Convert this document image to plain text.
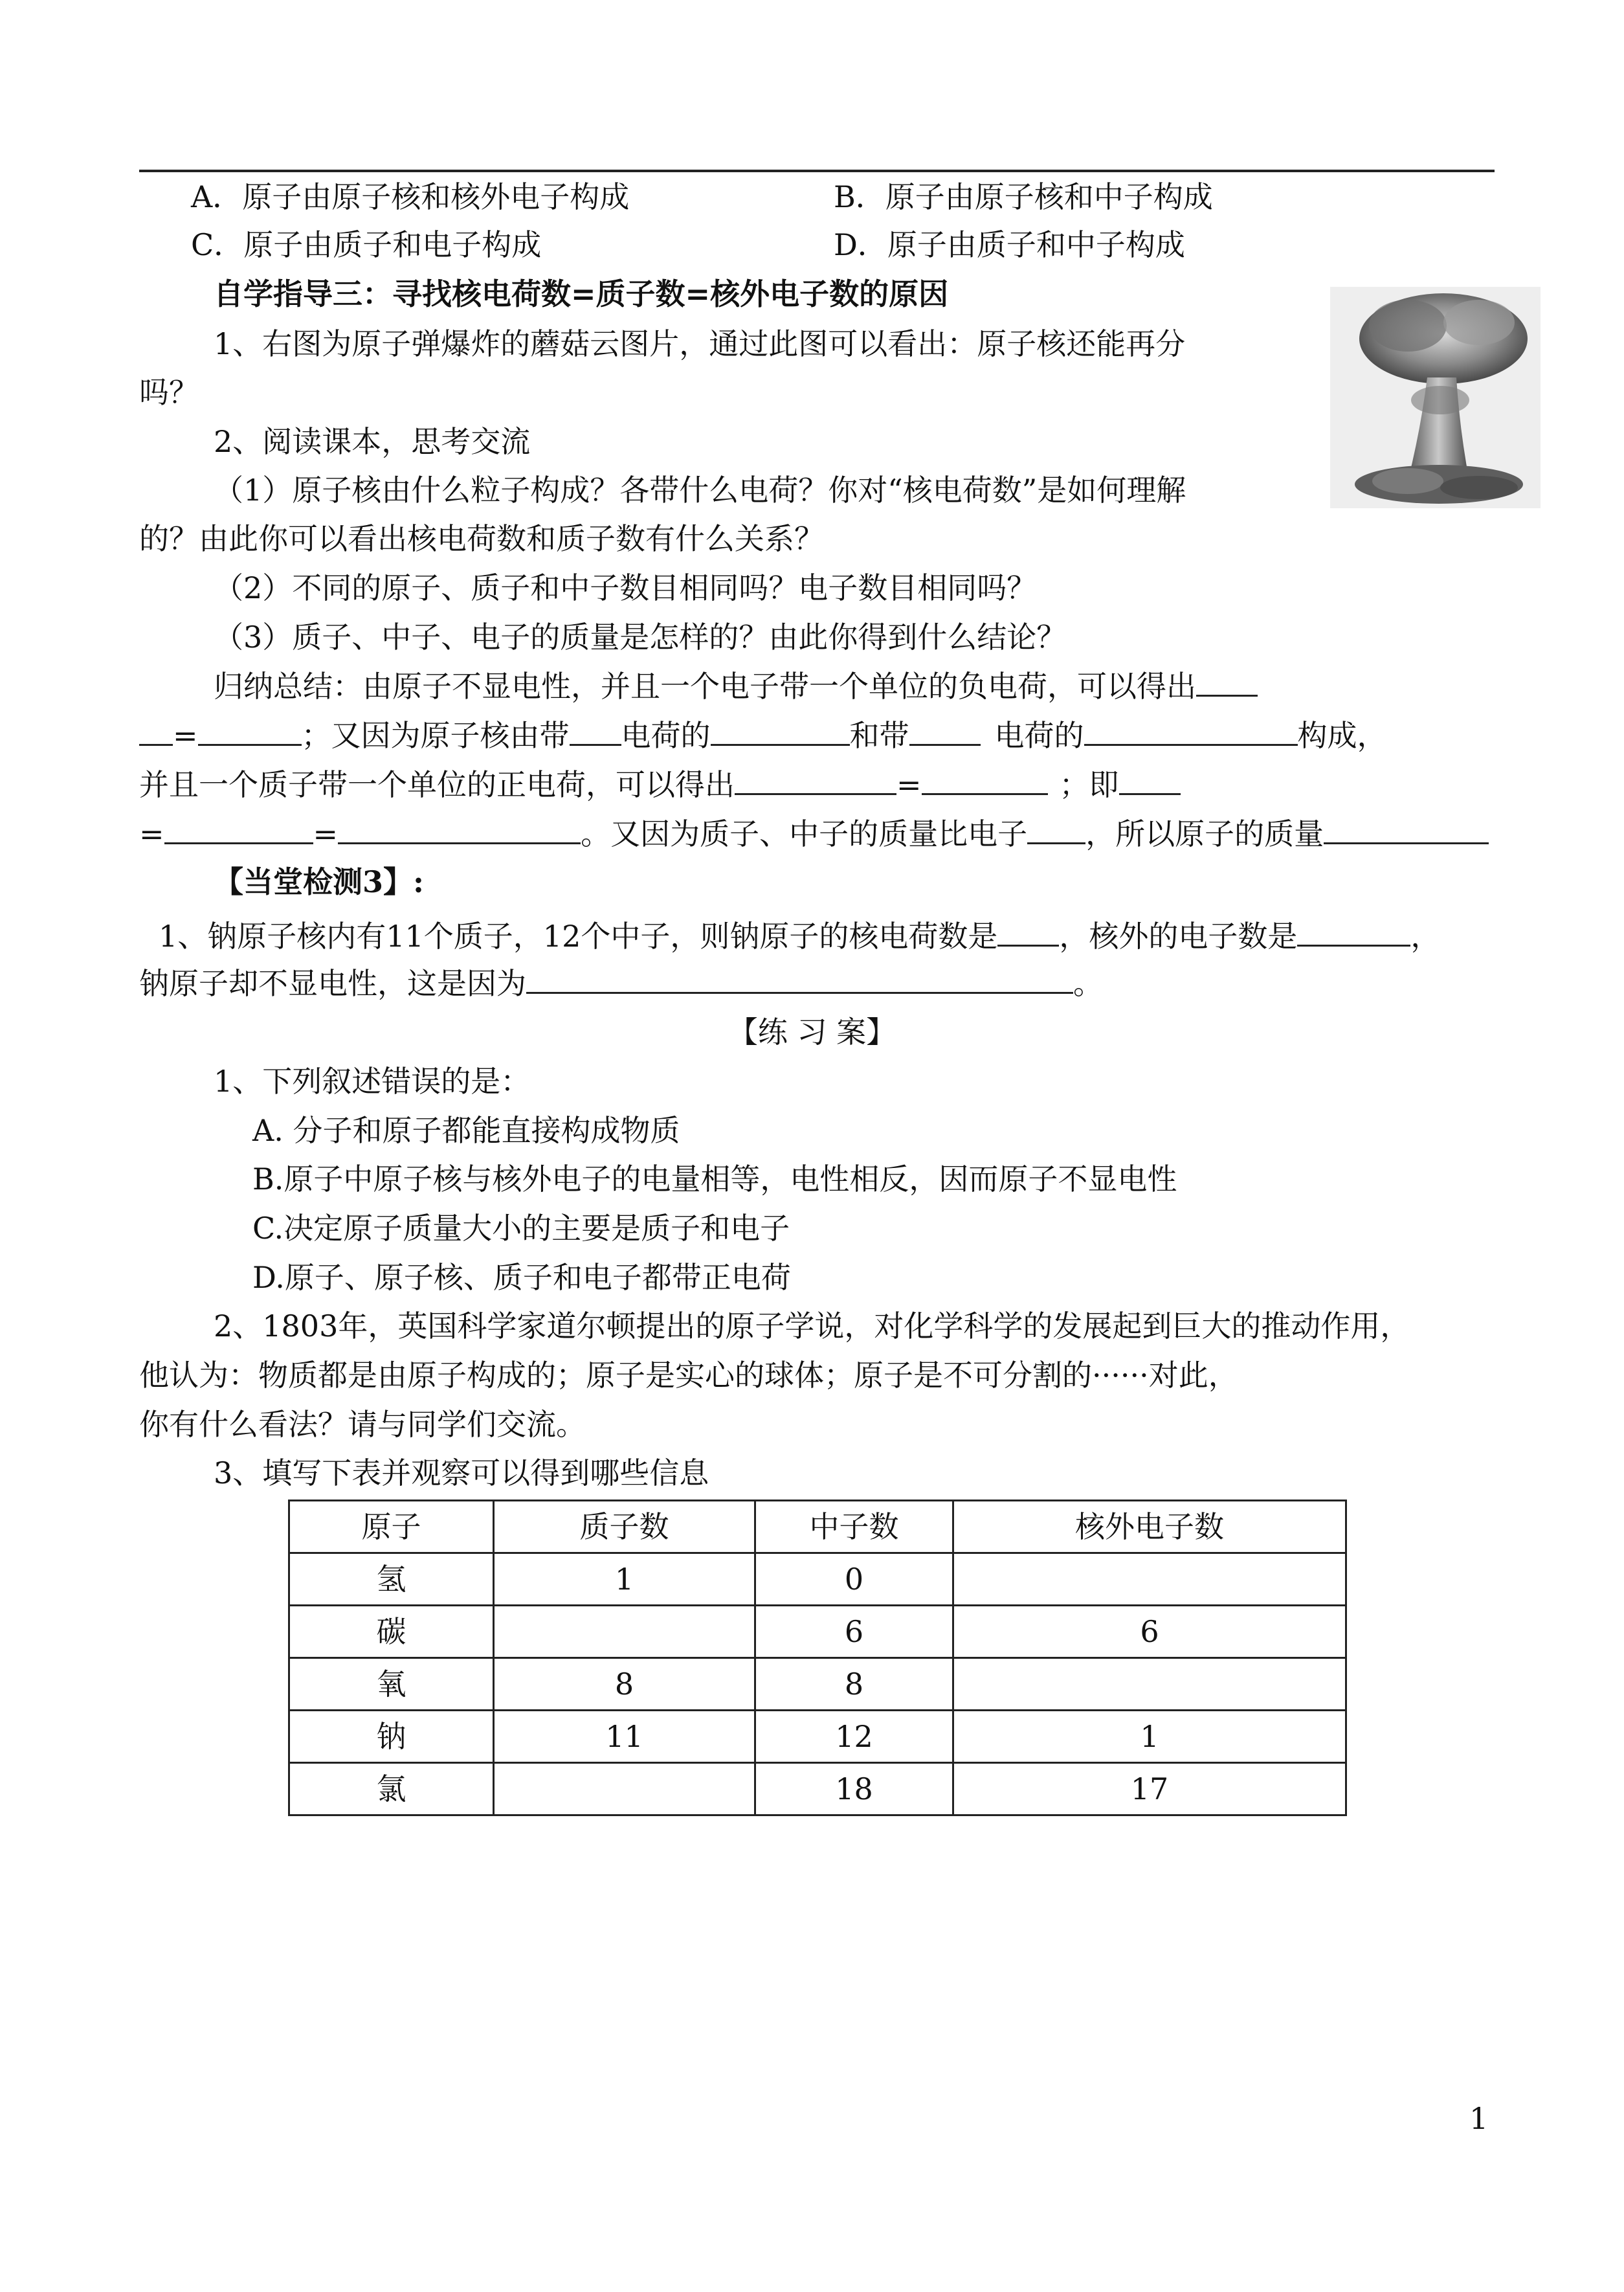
A．原子由原子核和核外电子构成	B．原子由原子核和中子构成
C．原子由质子和电子构成	D．原子由质子和中子构成
自学指导三：寻找核电荷数=质子数=核外电子数的原因
1、右图为原子弹爆炸的蘑菇云图片，通过此图可以看出：原子核还能再分
吗？
2、阅读课本，思考交流
（1）原子核由什么粒子构成？各带什么电荷？你对“核电荷数”是如何理解
的？由此你可以看出核电荷数和质子数有什么关系？
（2）不同的原子、质子和中子数目相同吗？电子数目相同吗？
（3）质子、中子、电子的质量是怎样的？由此你得到什么结论？
归纳总结：由原子不显电性，并且一个电子带一个单位的负电荷，可以得出
=	；又因为原子核由带 电荷的	和带	电荷的	构成，
并且一个质子带一个单位的正电荷，可以得出	=	；即
=	=	。又因为质子、中子的质量比电子 ，所以原子的质量
【当堂检测3】:
1、钠原子核内有11个质子，12个中子，则钠原子的核电荷数是 ，核外的电子数是	，
钠原子却不显电性，这是因为	。
【练 习 案】
1、下列叙述错误的是：
A. 分子和原子都能直接构成物质
B.原子中原子核与核外电子的电量相等，电性相反，因而原子不显电性
C.决定原子质量大小的主要是质子和电子
D.原子、原子核、质子和电子都带正电荷
2、1803年，英国科学家道尔顿提出的原子学说，对化学科学的发展起到巨大的推动作用，
他认为：物质都是由原子构成的；原子是实心的球体；原子是不可分割的······对此，
你有什么看法？请与同学们交流。
3、填写下表并观察可以得到哪些信息
原子	质子数	中子数	核外电子数
氢	1	0	
碳		6	6
氧	8	8	
钠	11	12	1
氯		18	17
1
